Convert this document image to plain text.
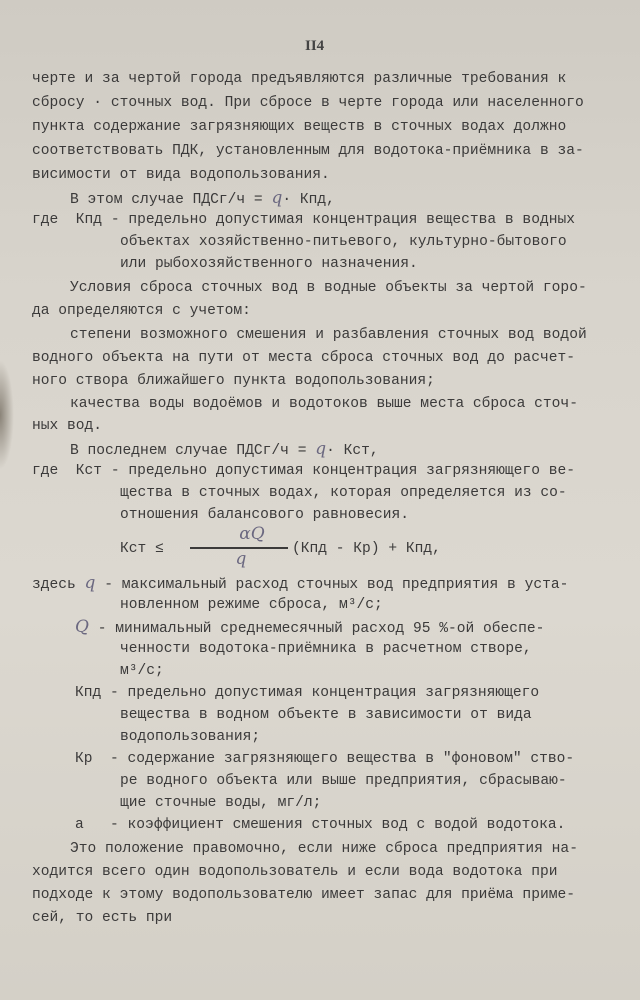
II4
черте и за чертой города предъявляются различные требования к
сбросу · сточных вод. При сбросе в черте города или населенного
пункта содержание загрязняющих веществ в сточных водах должно
соответствовать ПДК, установленным для водотока-приёмника в за-
висимости от вида водопользования.
В этом случае ПДСг/ч = q· Кпд,
где  Кпд - предельно допустимая концентрация вещества в водных
объектах хозяйственно-питьевого, культурно-бытового
или рыбохозяйственного назначения.
Условия сброса сточных вод в водные объекты за чертой горо-
да определяются с учетом:
степени возможного смешения и разбавления сточных вод водой
водного объекта на пути от места сброса сточных вод до расчет-
ного створа ближайшего пункта водопользования;
качества воды водоёмов и водотоков выше места сброса сточ-
ных вод.
В последнем случае ПДСг/ч = q· Кст,
где  Кст - предельно допустимая концентрация загрязняющего ве-
щества в сточных водах, которая определяется из со-
отношения балансового равновесия.
здесь q - максимальный расход сточных вод предприятия в уста-
новленном режиме сброса, м³/с;
Q - минимальный среднемесячный расход 95 %-ой обеспе-
ченности водотока-приёмника в расчетном створе,
м³/с;
Кпд - предельно допустимая концентрация загрязняющего
вещества в водном объекте в зависимости от вида
водопользования;
Кр  - содержание загрязняющего вещества в "фоновом" ство-
ре водного объекта или выше предприятия, сбрасываю-
щие сточные воды, мг/л;
а   - коэффициент смешения сточных вод с водой водотока.
Это положение правомочно, если ниже сброса предприятия на-
ходится всего один водопользователь и если вода водотока при
подходе к этому водопользователю имеет запас для приёма приме-
сей, то есть при
Кст ≤
αQ
q	(Кпд - Кр) + Кпд,
